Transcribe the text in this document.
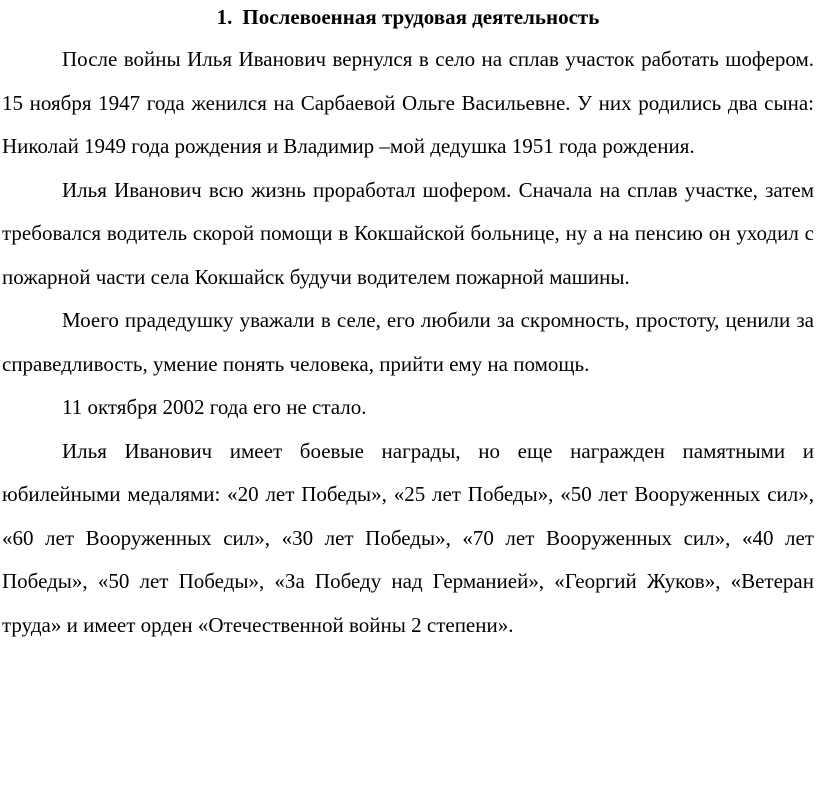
1. Послевоенная трудовая деятельность

После войны Илья Иванович вернулся в село на сплав участок работать шофером. 15 ноября 1947 года женился на Сарбаевой Ольге Васильевне. У них родились два сына: Николай 1949 года рождения и Владимир –мой дедушка 1951 года рождения.

Илья Иванович всю жизнь проработал шофером. Сначала на сплав участке, затем требовался водитель скорой помощи в Кокшайской больнице, ну а на пенсию он уходил с пожарной части села Кокшайск будучи водителем пожарной машины.

Моего прадедушку уважали в селе, его любили за скромность, простоту, ценили за справедливость, умение понять человека, прийти ему на помощь.

11 октября 2002 года его не стало.

Илья Иванович имеет боевые награды, но еще награжден памятными и юбилейными медалями: «20 лет Победы», «25 лет Победы», «50 лет Вооруженных сил», «60 лет Вооруженных сил», «30 лет Победы», «70 лет Вооруженных сил», «40 лет Победы», «50 лет Победы», «За Победу над Германией», «Георгий Жуков», «Ветеран труда» и имеет орден «Отечественной войны 2 степени».
